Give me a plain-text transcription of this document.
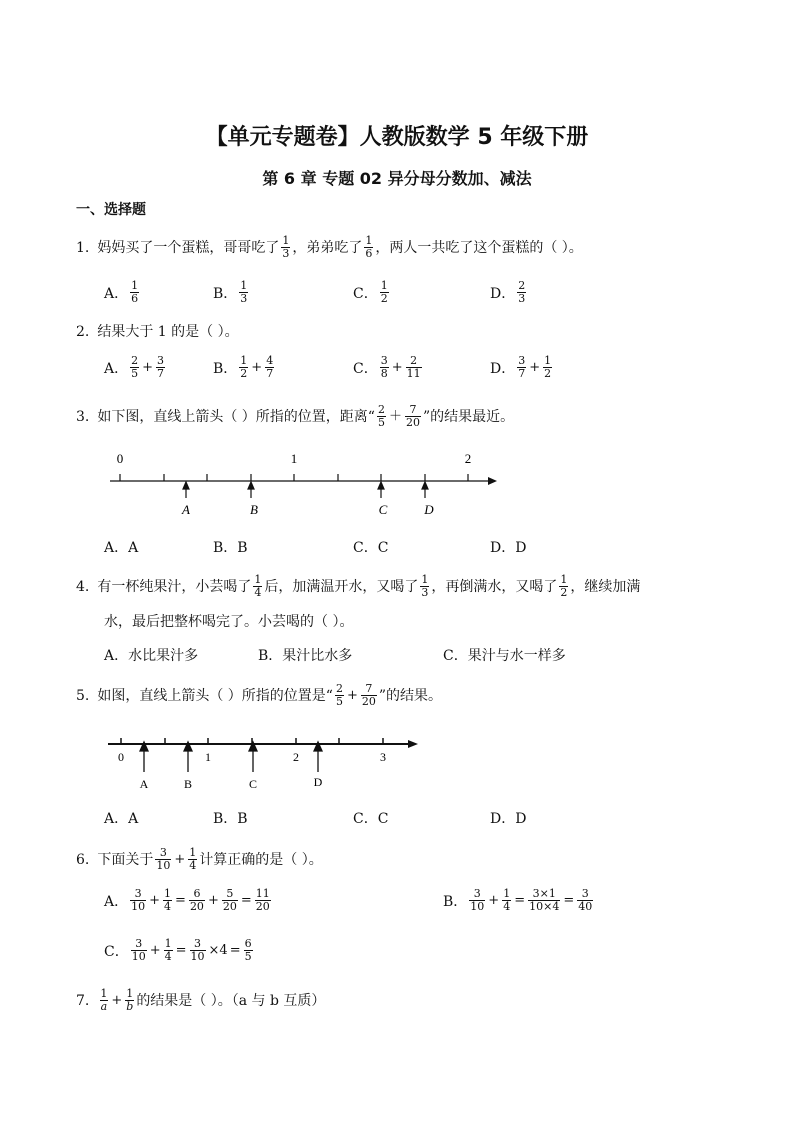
【单元专题卷】人教版数学 5 年级下册
第 6 章 专题 02 异分母分数加、减法
一、选择题
1. 妈妈买了一个蛋糕，哥哥吃了 $\frac{1}{3}$ ，弟弟吃了 $\frac{1}{6}$ ，两人一共吃了这个蛋糕的（ ）。
A． $\frac{1}{6}$	B． $\frac{1}{3}$	C． $\frac{1}{2}$	D． $\frac{2}{3}$
2. 结果大于 1 的是（ ）。
A． $\frac{2}{5} + \frac{3}{7}$	B． $\frac{1}{2} + \frac{4}{7}$	C． $\frac{3}{8} + \frac{2}{11}$	D． $\frac{3}{7} + \frac{1}{2}$
3. 如下图，直线上箭头（ ）所指的位置，距离“ $\frac{2}{5} + \frac{7}{20}$ ”的结果最近。
0	1	2
A	B	C	D
A．A	B．B	C．C	D．D
4. 有一杯纯果汁，小芸喝了 $\frac{1}{4}$ 后，加满温开水，又喝了 $\frac{1}{3}$ ，再倒满水，又喝了 $\frac{1}{2}$ ，继续加满
水，最后把整杯喝完了。小芸喝的（ ）。
A．水比果汁多	B．果汁比水多	C．果汁与水一样多
5. 如图，直线上箭头（ ）所指的位置是“ $\frac{2}{5} + \frac{7}{20}$ ”的结果。
0	1	2	3
A	B	C	D
A．A	B．B	C．C	D．D
6. 下面关于 $\frac{3}{10} + \frac{1}{4}$ 计算正确的是（ ）。
A． $\frac{3}{10} + \frac{1}{4} = \frac{6}{20} + \frac{5}{20} = \frac{11}{20}$	B． $\frac{3}{10} + \frac{1}{4} = \frac{3\times 1}{10\times 4} = \frac{3}{40}$
C． $\frac{3}{10} + \frac{1}{4} = \frac{3}{10} \times 4 = \frac{6}{5}$
7. $\frac{1}{a} + \frac{1}{b}$ 的结果是（ ）。（a 与 b 互质）
